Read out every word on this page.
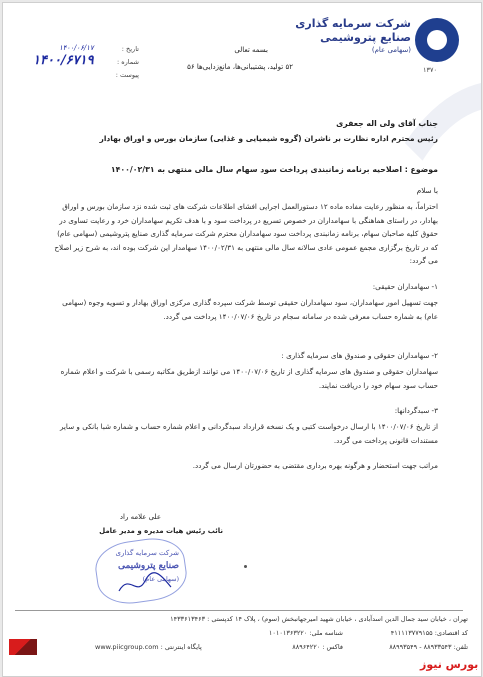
۱۳۷۰
شرکت سرمایه گذاری
صنایع پتروشیمی
(سهامی عام)
بسمه تعالی
۵۲ تولید، پشتیبانی‌ها، مانع‌زدایی‌ها ۵۶
تاریخ :
۱۴۰۰/۰۶/۱۷
شماره :
۱۴۰۰/۶۷۱۹
پیوست :
جناب آقای ولی اله جعفری
رئیس محترم اداره نظارت بر ناشران (گروه شیمیایی و غذایی) سازمان بورس و اوراق بهادار
موضوع : اصلاحیه برنامه زمانبندی پرداخت سود سهام سال مالی منتهی به ۱۴۰۰/۰۲/۳۱
با سلام
احتراماً، به منظور رعایت مفاده ماده ۱۲ دستورالعمل اجرایی افشای اطلاعات شرکت های ثبت شده نزد سازمان بورس و اوراق بهادار، در راستای هماهنگی با سهامداران در خصوص تسریع در پرداخت سود و با هدف تکریم سهامداران خرد و رعایت تساوی در حقوق کلیه صاحبان سهام، برنامه زمانبندی پرداخت سود سهامداران محترم شرکت سرمایه گذاری صنایع پتروشیمی (سهامی عام) که در تاریخ برگزاری مجمع عمومی عادی سالانه سال مالی منتهی به ۱۴۰۰/۰۲/۳۱ سهامدار این شرکت بوده اند، به شرح زیر اصلاح می گردد:
۱- سهامداران حقیقی:
جهت تسهیل امور سهامداران، سود سهامداران حقیقی توسط شرکت سپرده گذاری مرکزی اوراق بهادار و تسویه وجوه (سهامی عام) به شماره حساب معرفی شده در سامانه سجام در تاریخ ۱۴۰۰/۰۷/۰۶ پرداخت می گردد.
۲- سهامداران حقوقی و صندوق های سرمایه گذاری :
سهامداران حقوقی و صندوق های سرمایه گذاری از تاریخ ۱۴۰۰/۰۷/۰۶ می توانند ازطریق مکاتبه رسمی با شرکت و اعلام شماره حساب سود سهام خود را دریافت نمایند.
۳- سبدگردانها:
از تاریخ ۱۴۰۰/۰۷/۰۶ با ارسال درخواست کتبی و یک نسخه قرارداد سبدگردانی و اعلام شماره حساب و شماره شبا بانکی و سایر مستندات قانونی پرداخت می گردد.
مراتب جهت استحضار و هرگونه بهره برداری مقتضی به حضورتان ارسال می گردد.
علی علامه راد
نائب رئیس هیات مدیره و مدیر عامل
شرکت سرمایه گذاری
صنایع پتروشیمی
(سهامی عام)
تهران ، خیابان سید جمال الدین اسدآبادی ، خیابان شهید امیرجهانبخش (سوم) ، پلاک ۱۴ کدپستی : ۱۴۳۳۶۱۳۴۶۳
کد اقتصادی: ۴۱۱۱۱۳۷۷۹۱۵۵
شناسه ملی: ۱۰۱۰۱۳۶۳۲۲۰
تلفن: ۸۸۹۳۳۵۴۳ - ۸۸۹۹۳۵۴۹
فاکس : ۸۸۹۶۴۲۲۰
www.piicgroup.com : پایگاه اینترنتی
بورس نیوز
